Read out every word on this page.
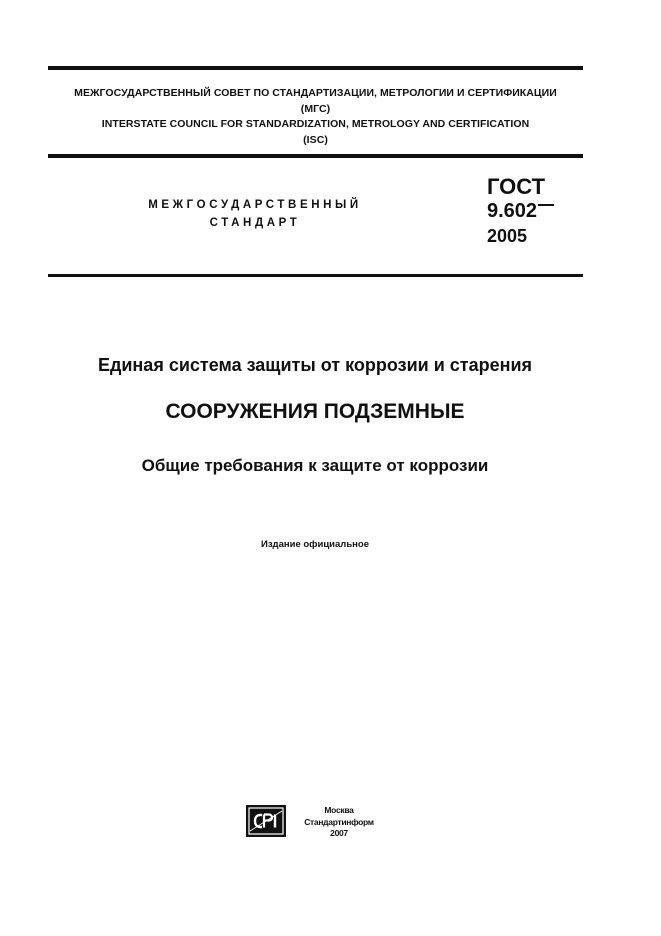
МЕЖГОСУДАРСТВЕННЫЙ СОВЕТ ПО СТАНДАРТИЗАЦИИ, МЕТРОЛОГИИ И СЕРТИФИКАЦИИ
(МГС)
INTERSTATE COUNCIL FOR STANDARDIZATION, METROLOGY AND CERTIFICATION
(ISC)
МЕЖГОСУДАРСТВЕННЫЙ
СТАНДАРТ
ГОСТ
9.602
2005
Единая система защиты от коррозии и старения
СООРУЖЕНИЯ ПОДЗЕМНЫЕ
Общие требования к защите от коррозии
Издание официальное
Москва
Стандартинформ
2007
